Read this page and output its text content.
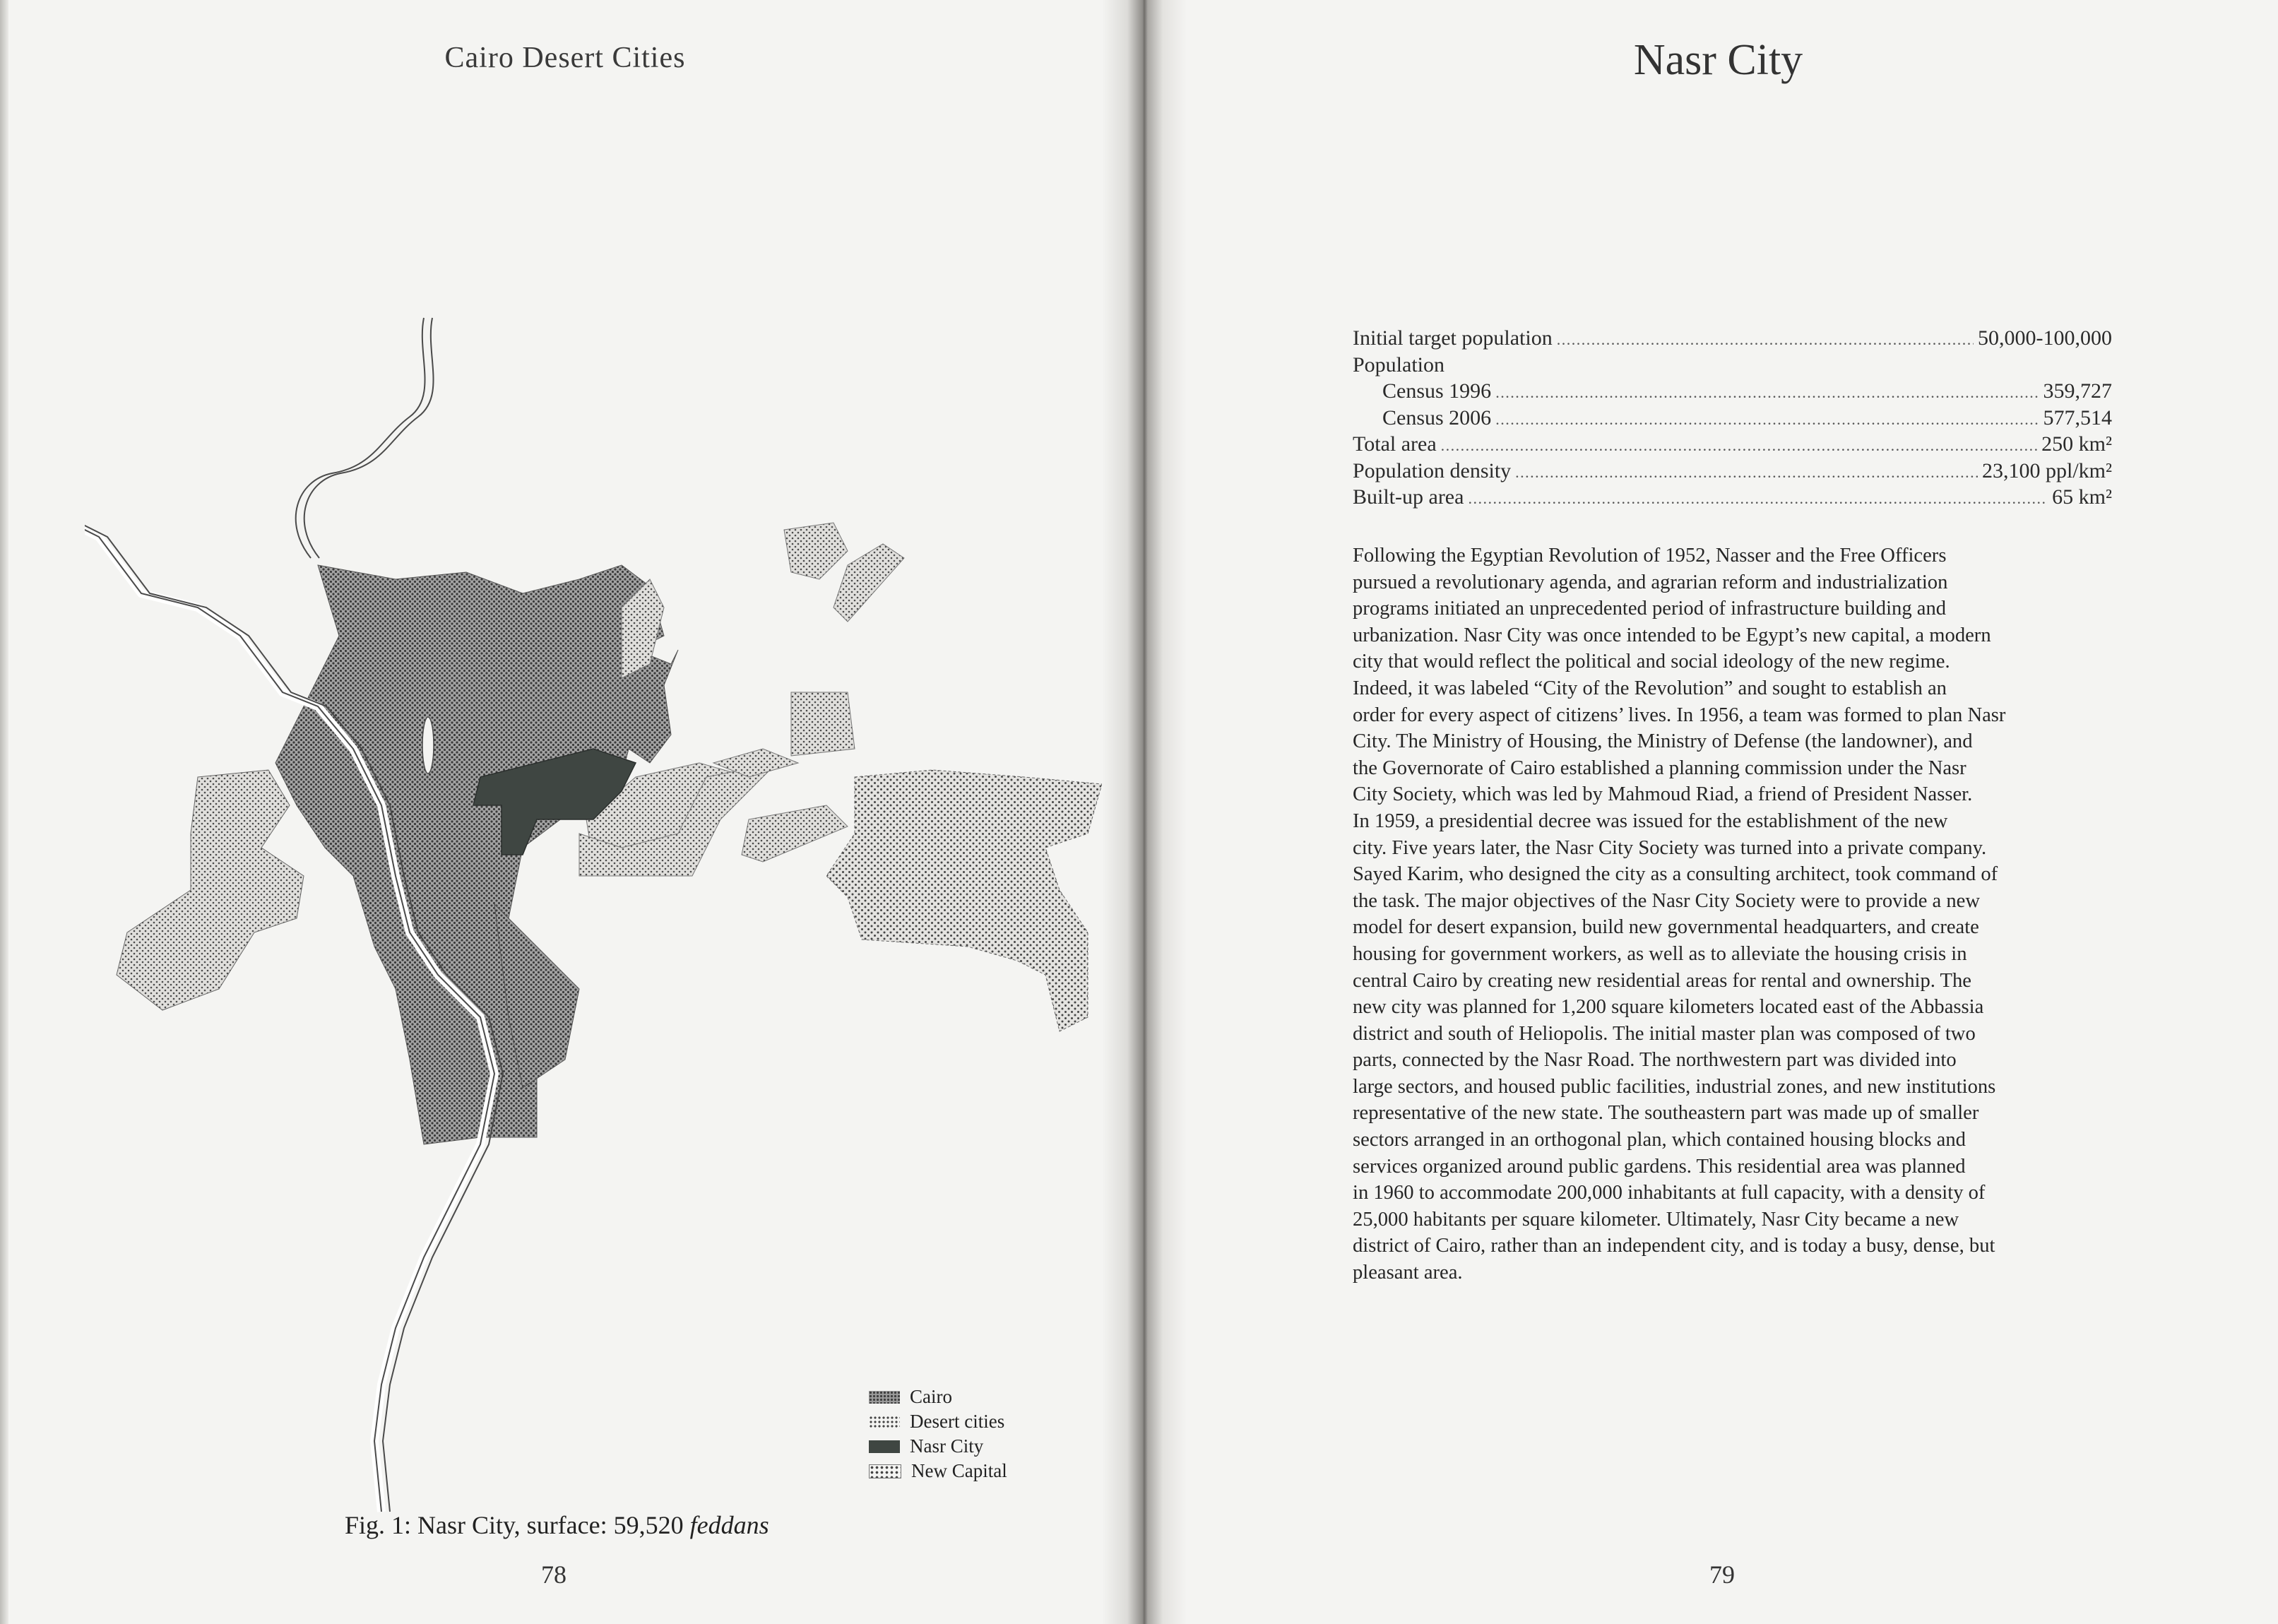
Cairo Desert Cities
Cairo
Desert cities
Nasr City
New Capital
Fig. 1: Nasr City, surface: 59,520 feddans
78
Nasr City
Initial target population . . .	50,000-100,000
Population
Census 1996 . . .	359,727
Census 2006 . . .	577,514
Total area . . .	250 km²
Population density . . .	23,100 ppl/km²
Built-up area . . .	65 km²
Following the Egyptian Revolution of 1952, Nasser and the Free Officers
pursued a revolutionary agenda, and agrarian reform and industrialization
programs initiated an unprecedented period of infrastructure building and
urbanization. Nasr City was once intended to be Egypt’s new capital, a modern
city that would reflect the political and social ideology of the new regime.
Indeed, it was labeled “City of the Revolution” and sought to establish an
order for every aspect of citizens’ lives. In 1956, a team was formed to plan Nasr
City. The Ministry of Housing, the Ministry of Defense (the landowner), and
the Governorate of Cairo established a planning commission under the Nasr
City Society, which was led by Mahmoud Riad, a friend of President Nasser.
In 1959, a presidential decree was issued for the establishment of the new
city. Five years later, the Nasr City Society was turned into a private company.
Sayed Karim, who designed the city as a consulting architect, took command of
the task. The major objectives of the Nasr City Society were to provide a new
model for desert expansion, build new governmental headquarters, and create
housing for government workers, as well as to alleviate the housing crisis in
central Cairo by creating new residential areas for rental and ownership. The
new city was planned for 1,200 square kilometers located east of the Abbassia
district and south of Heliopolis. The initial master plan was composed of two
parts, connected by the Nasr Road. The northwestern part was divided into
large sectors, and housed public facilities, industrial zones, and new institutions
representative of the new state. The southeastern part was made up of smaller
sectors arranged in an orthogonal plan, which contained housing blocks and
services organized around public gardens. This residential area was planned
in 1960 to accommodate 200,000 inhabitants at full capacity, with a density of
25,000 habitants per square kilometer. Ultimately, Nasr City became a new
district of Cairo, rather than an independent city, and is today a busy, dense, but
pleasant area.
79
